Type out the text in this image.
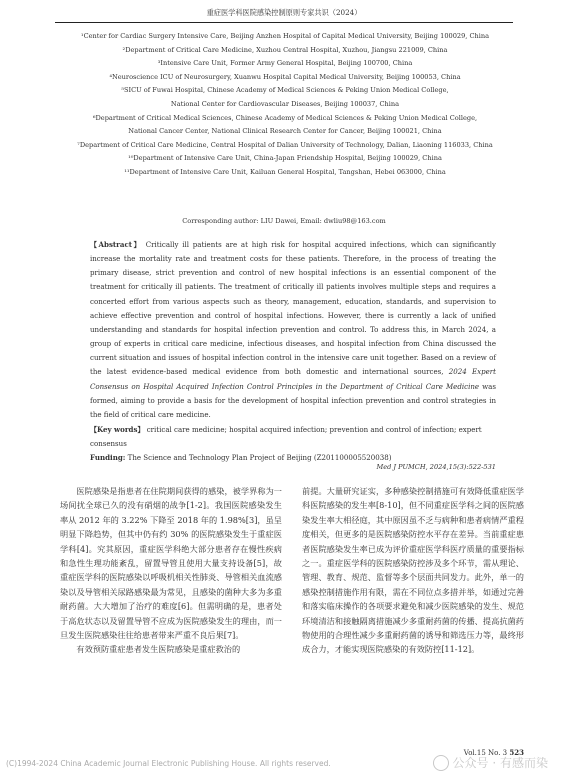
重症医学科医院感染控制原则专家共识（2024）
¹Center for Cardiac Surgery Intensive Care, Beijing Anzhen Hospital of Capital Medical University, Beijing 100029, China
²Department of Critical Care Medicine, Xuzhou Central Hospital, Xuzhou, Jiangsu 221009, China
³Intensive Care Unit, Former Army General Hospital, Beijing 100700, China
⁴Neuroscience ICU of Neurosurgery, Xuanwu Hospital Capital Medical University, Beijing 100053, China
⁵SICU of Fuwai Hospital, Chinese Academy of Medical Sciences & Peking Union Medical College,
National Center for Cardiovascular Diseases, Beijing 100037, China
⁶Department of Critical Medical Sciences, Chinese Academy of Medical Sciences & Peking Union Medical College,
National Cancer Center, National Clinical Research Center for Cancer, Beijing 100021, China
⁷Department of Critical Care Medicine, Central Hospital of Dalian University of Technology, Dalian, Liaoning 116033, China
¹⁰Department of Intensive Care Unit, China-Japan Friendship Hospital, Beijing 100029, China
¹¹Department of Intensive Care Unit, Kailuan General Hospital, Tangshan, Hebei 063000, China
Corresponding author: LIU Dawei, Email: dwliu98@163.com
【Abstract】 Critically ill patients are at high risk for hospital acquired infections, which can significantly increase the mortality rate and treatment costs for these patients. Therefore, in the process of treating the primary disease, strict prevention and control of new hospital infections is an essential component of the treatment for critically ill patients. The treatment of critically ill patients involves multiple steps and requires a concerted effort from various aspects such as theory, management, education, standards, and supervision to achieve effective prevention and control of hospital infections. However, there is currently a lack of unified understanding and standards for hospital infection prevention and control. To address this, in March 2024, a group of experts in critical care medicine, infectious diseases, and hospital infection from China discussed the current situation and issues of hospital infection control in the intensive care unit together. Based on a review of the latest evidence-based medical evidence from both domestic and international sources, 2024 Expert Consensus on Hospital Acquired Infection Control Principles in the Department of Critical Care Medicine was formed, aiming to provide a basis for the development of hospital infection prevention and control strategies in the field of critical care medicine.
【Key words】 critical care medicine; hospital acquired infection; prevention and control of infection; expert consensus
Funding: The Science and Technology Plan Project of Beijing (Z201100005520038)
Med J PUMCH, 2024,15(3):522-531
医院感染是指患者在住院期间获得的感染，被学界称为一场间扰全球已久的没有硝烟的战争[1-2]。我国医院感染发生率从 2012 年的 3.22% 下降至 2018 年的 1.98%[3]，虽呈明显下降趋势，但其中仍有约 30% 的医院感染发生于重症医学科[4]。究其原因，重症医学科绝大部分患者存在慢性疾病和急性生理功能紊乱，留置导管且使用大量支持设备[5]，故重症医学科的医院感染以呼吸机相关性肺炎、导管相关血流感染以及导管相关尿路感染最为常见，且感染的菌种大多为多重耐药菌。大大增加了治疗的难度[6]。但需明确的是，患者处于高危状态以及留置导管不应成为医院感染发生的理由，而一旦发生医院感染往往给患者带来严重不良后果[7]。
有效预防重症患者发生医院感染是重症救治的
前提。大量研究证实，多种感染控制措施可有效降低重症医学科医院感染的发生率[8-10]，但不同重症医学科之间的医院感染发生率大相径庭，其中原因虽不乏与病种和患者病情严重程度相关，但更多的是医院感染防控水平存在差异。当前重症患者医院感染发生率已成为评价重症医学科医疗质量的重要指标之一。重症医学科的医院感染防控涉及多个环节，需从理论、管理、教育、规范、监督等多个层面共同发力。此外，单一的感染控制措施作用有限，需在不同位点多措并举，如通过完善和落实临床操作的各项要求避免和减少医院感染的发生、规范环境清洁和接触隔离措施减少多重耐药菌的传播、提高抗菌药物使用的合理性减少多重耐药菌的诱导和筛选压力等，最终形成合力，才能实现医院感染的有效防控[11-12]。
Vol.15 No. 3 523
(C)1994-2024 China Academic Journal Electronic Publishing House. All rights reserved.	公众号 · 有感而染
